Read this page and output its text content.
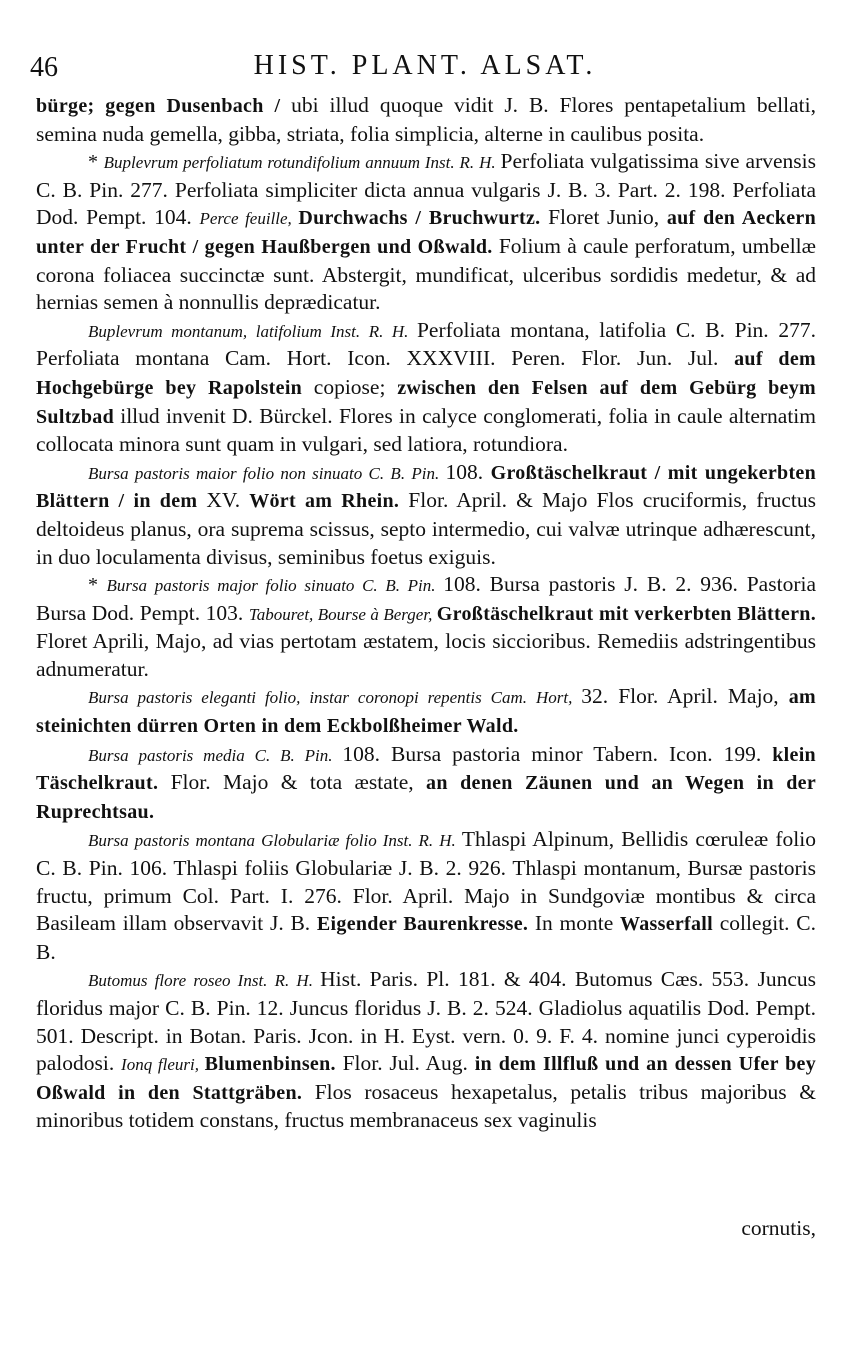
46	HIST. PLANT. ALSAT.

bürge; gegen Dusenbach / ubi illud quoque vidit J. B. Flores pentapetalium bellati, semina nuda gemella, gibba, striata, folia simplicia, alterne in caulibus posita.

* Buplevrum perfoliatum rotundifolium annuum Inst. R. H. Perfoliata vulgatissima sive arvensis C. B. Pin. 277. Perfoliata simpliciter dicta annua vulgaris J. B. 3. Part. 2. 198. Perfoliata Dod. Pempt. 104. Perce feuille, Durchwachs / Bruchwurtz. Floret Junio, auf den Aeckern unter der Frucht / gegen Haußbergen und Oßwald. Folium à caule perforatum, umbellæ corona foliacea succinctæ sunt. Abstergit, mundificat, ulceribus sordidis medetur, & ad hernias semen à nonnullis deprædicatur.

Buplevrum montanum, latifolium Inst. R. H. Perfoliata montana, latifolia C. B. Pin. 277. Perfoliata montana Cam. Hort. Icon. XXXVIII. Peren. Flor. Jun. Jul. auf dem Hochgebürge bey Rapolstein copiose; zwischen den Felsen auf dem Gebürg beym Sultzbad illud invenit D. Bürckel. Flores in calyce conglomerati, folia in caule alternatim collocata minora sunt quam in vulgari, sed latiora, rotundiora.

Bursa pastoris maior folio non sinuato C. B. Pin. 108. Großtäschelkraut / mit ungekerbten Blättern / in dem XV. Wört am Rhein. Flor. April. & Majo Flos cruciformis, fructus deltoideus planus, ora suprema scissus, septo intermedio, cui valvæ utrinque adhærescunt, in duo loculamenta divisus, seminibus foetus exiguis.

* Bursa pastoris major folio sinuato C. B. Pin. 108. Bursa pastoris J. B. 2. 936. Pastoria Bursa Dod. Pempt. 103. Tabouret, Bourse à Berger, Großtäschelkraut mit verkerbten Blättern. Floret Aprili, Majo, ad vias pertotam æstatem, locis siccioribus. Remediis adstringentibus adnumeratur.

Bursa pastoris eleganti folio, instar coronopi repentis Cam. Hort, 32. Flor. April. Majo, am steinichten dürren Orten in dem Eckbolßheimer Wald.

Bursa pastoris media C. B. Pin. 108. Bursa pastoria minor Tabern. Icon. 199. klein Täschelkraut. Flor. Majo & tota æstate, an denen Zäunen und an Wegen in der Ruprechtsau.

Bursa pastoris montana Globulariæ folio Inst. R. H. Thlaspi Alpinum, Bellidis cœruleæ folio C. B. Pin. 106. Thlaspi foliis Globulariæ J. B. 2. 926. Thlaspi montanum, Bursæ pastoris fructu, primum Col. Part. I. 276. Flor. April. Majo in Sundgoviæ montibus & circa Basileam illam observavit J. B. Eigender Baurenkresse. In monte Wasserfall collegit. C. B.

Butomus flore roseo Inst. R. H. Hist. Paris. Pl. 181. & 404. Butomus Cæs. 553. Juncus floridus major C. B. Pin. 12. Juncus floridus J. B. 2. 524. Gladiolus aquatilis Dod. Pempt. 501. Descript. in Botan. Paris. Jcon. in H. Eyst. vern. 0. 9. F. 4. nomine junci cyperoidis palodosi. Ionq fleuri, Blumenbinsen. Flor. Jul. Aug. in dem Illfluß und an dessen Ufer bey Oßwald in den Stattgräben. Flos rosaceus hexapetalus, petalis tribus majoribus & minoribus totidem constans, fructus membranaceus sex vaginulis

cornutis,
